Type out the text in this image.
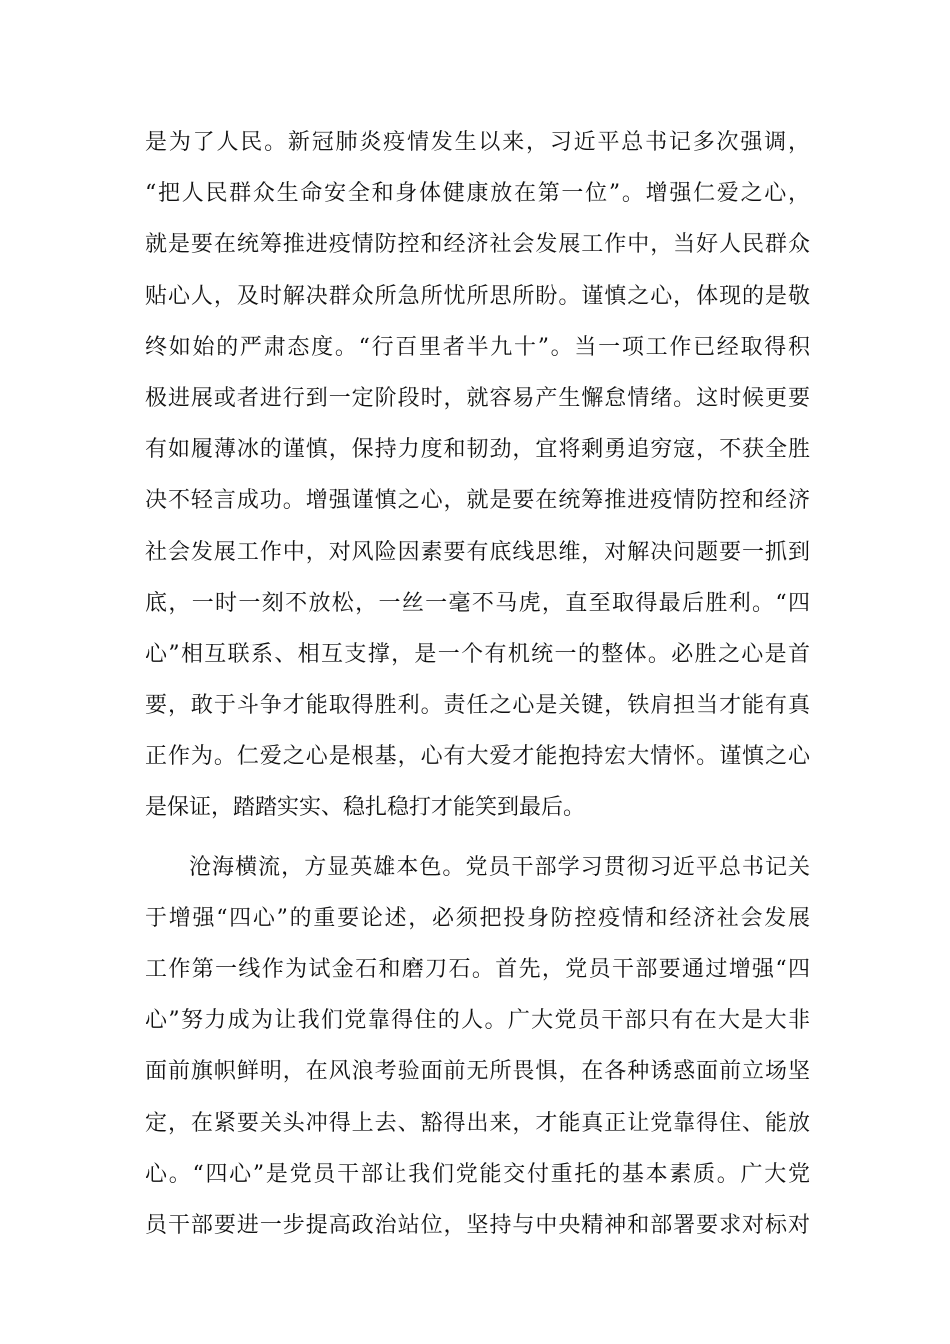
是为了人民。新冠肺炎疫情发生以来，习近平总书记多次强调，
“把人民群众生命安全和身体健康放在第一位”。增强仁爱之心，
就是要在统筹推进疫情防控和经济社会发展工作中，当好人民群众
贴心人，及时解决群众所急所忧所思所盼。谨慎之心，体现的是敬
终如始的严肃态度。“行百里者半九十”。当一项工作已经取得积
极进展或者进行到一定阶段时，就容易产生懈怠情绪。这时候更要
有如履薄冰的谨慎，保持力度和韧劲，宜将剩勇追穷寇，不获全胜
决不轻言成功。增强谨慎之心，就是要在统筹推进疫情防控和经济
社会发展工作中，对风险因素要有底线思维，对解决问题要一抓到
底，一时一刻不放松，一丝一毫不马虎，直至取得最后胜利。“四
心”相互联系、相互支撑，是一个有机统一的整体。必胜之心是首
要，敢于斗争才能取得胜利。责任之心是关键，铁肩担当才能有真
正作为。仁爱之心是根基，心有大爱才能抱持宏大情怀。谨慎之心
是保证，踏踏实实、稳扎稳打才能笑到最后。
沧海横流，方显英雄本色。党员干部学习贯彻习近平总书记关
于增强“四心”的重要论述，必须把投身防控疫情和经济社会发展
工作第一线作为试金石和磨刀石。首先，党员干部要通过增强“四
心”努力成为让我们党靠得住的人。广大党员干部只有在大是大非
面前旗帜鲜明，在风浪考验面前无所畏惧，在各种诱惑面前立场坚
定，在紧要关头冲得上去、豁得出来，才能真正让党靠得住、能放
心。“四心”是党员干部让我们党能交付重托的基本素质。广大党
员干部要进一步提高政治站位，坚持与中央精神和部署要求对标对
